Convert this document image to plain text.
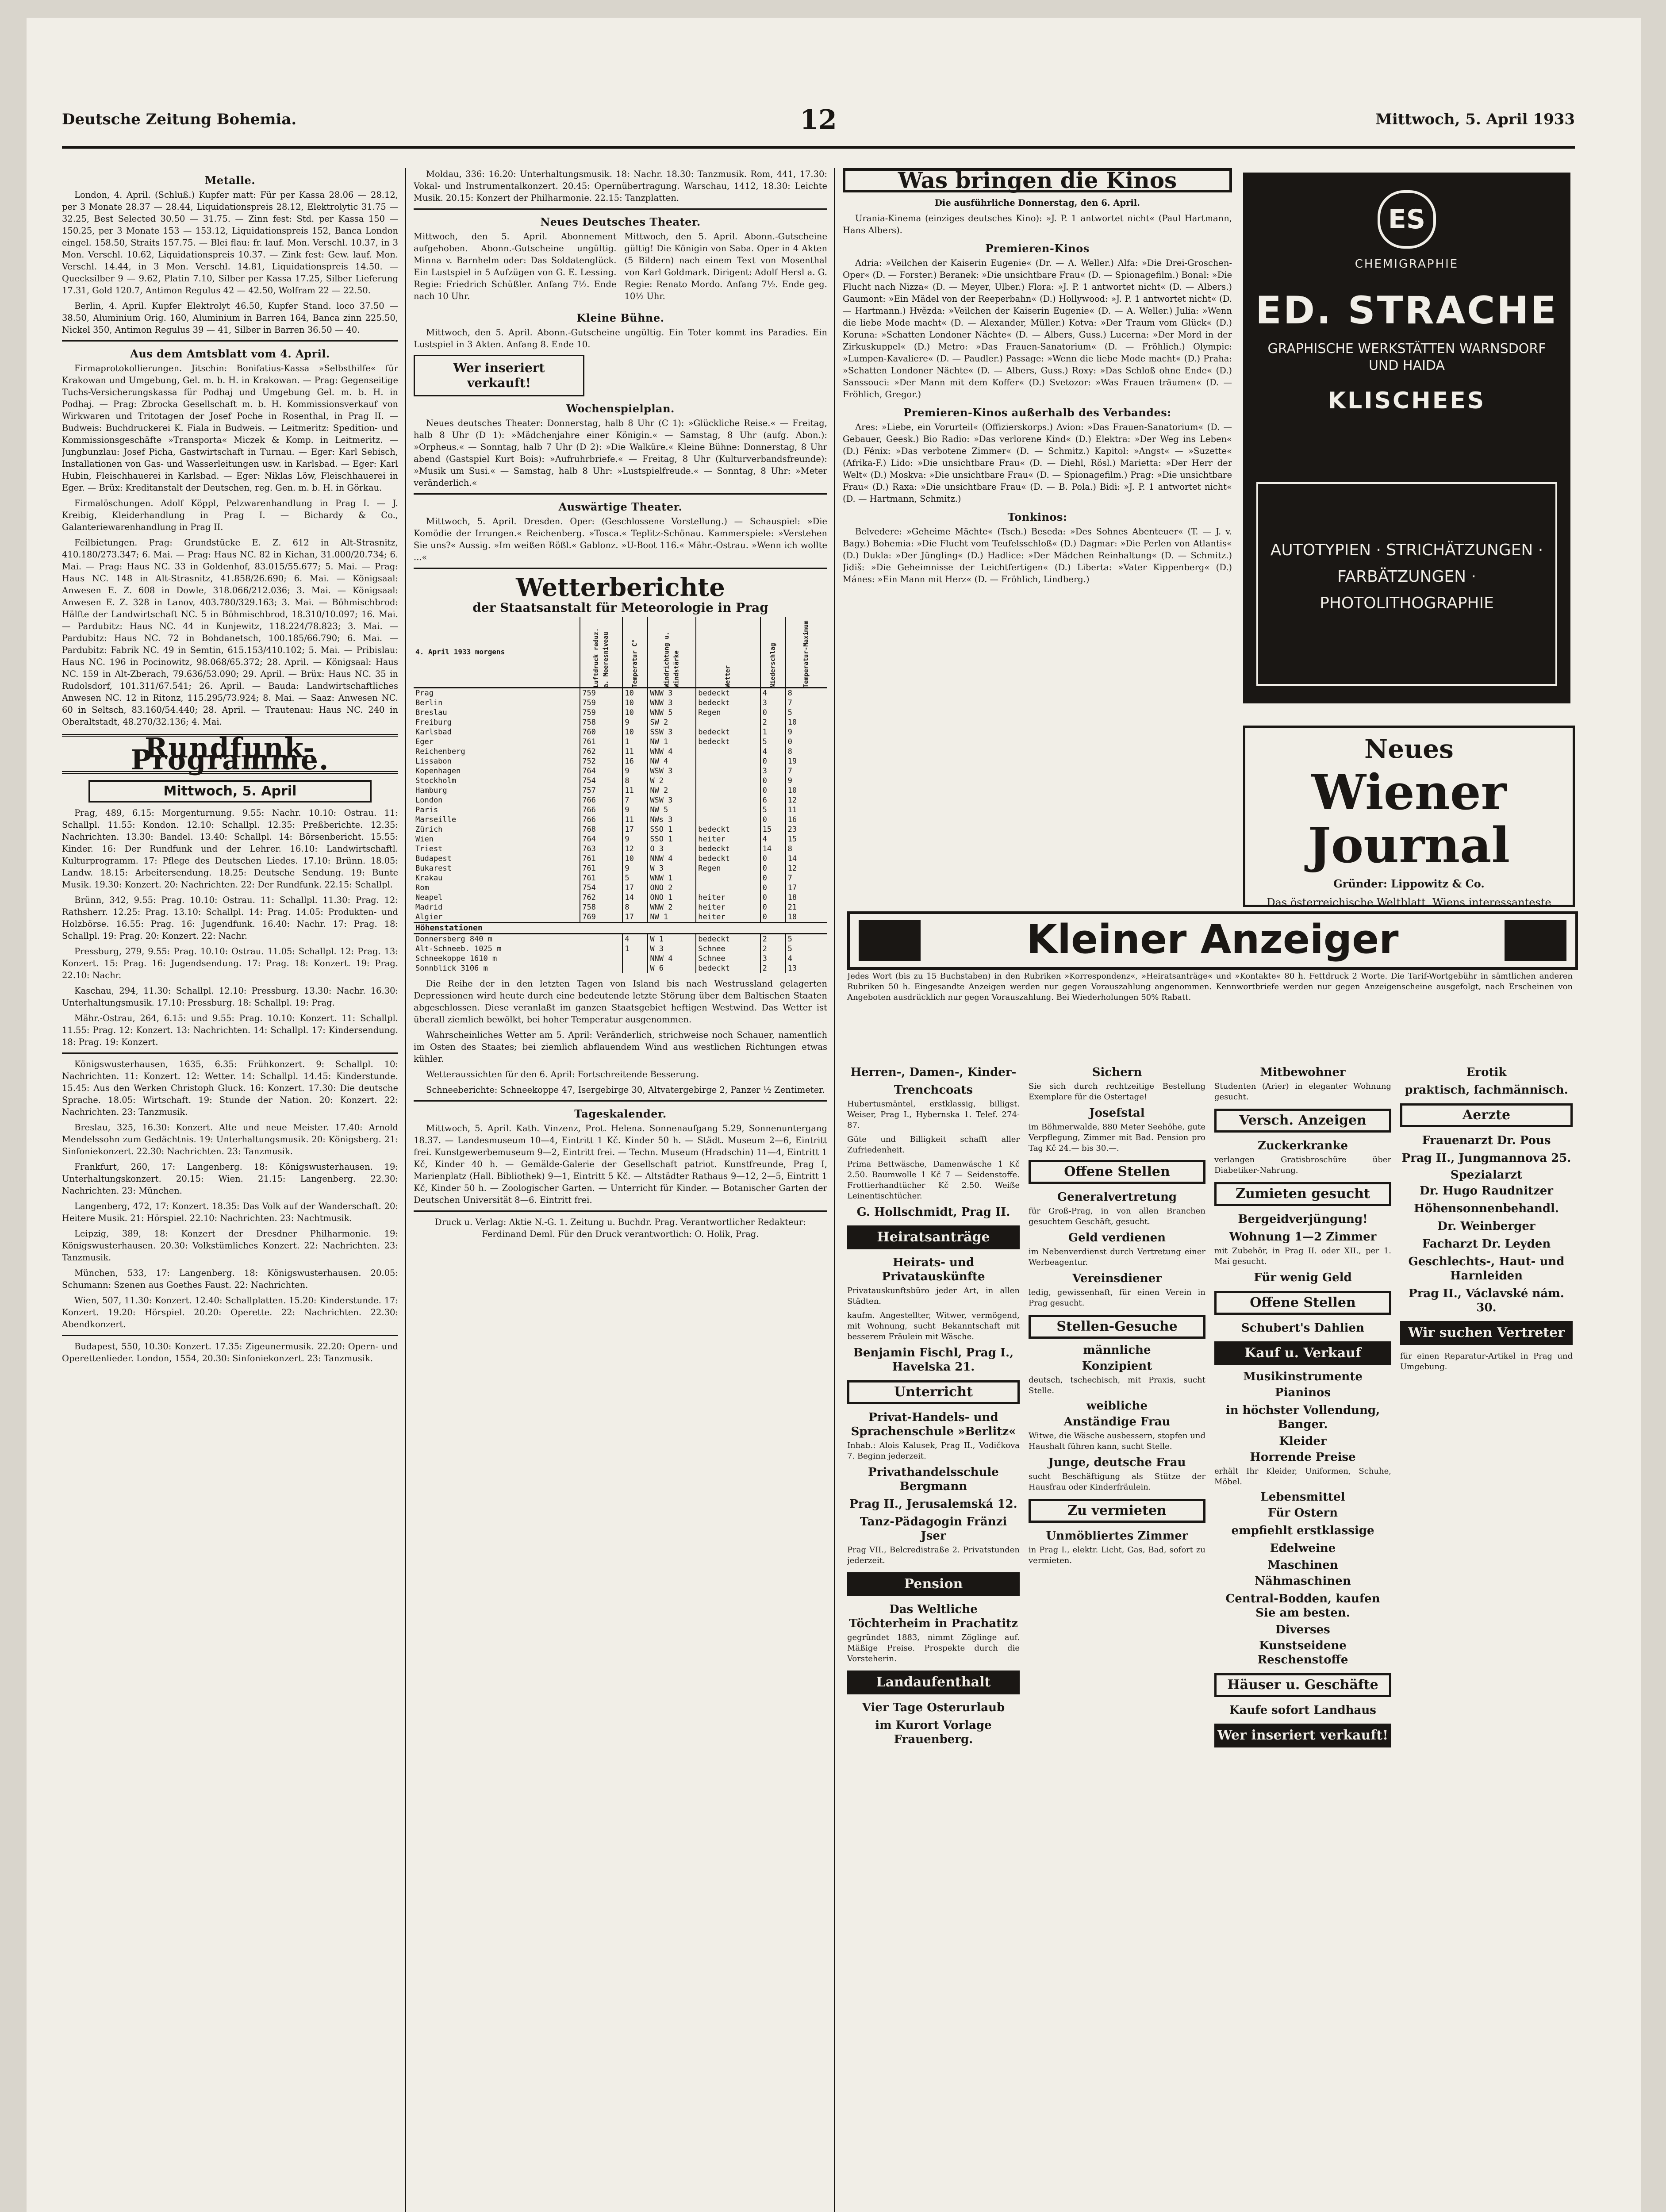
Deutsche Zeitung Bohemia.	12	Mittwoch, 5. April 1933
Metalle.

London, 4. April. (Schluß.) Kupfer matt: Für per Kassa 28.06 — 28.12, per 3 Monate 28.37 — 28.44, Liquidationspreis 28.12, Elektrolytic 31.75 — 32.25, Best Selected 30.50 — 31.75. — Zinn fest: Std. per Kassa 150 — 150.25, per 3 Monate 153 — 153.12, Liquidationspreis 152, Banca London eingel. 158.50, Straits 157.75. — Blei flau: fr. lauf. Mon. Verschl. 10.37, in 3 Mon. Verschl. 10.62, Liquidationspreis 10.37. — Zink fest: Gew. lauf. Mon. Verschl. 14.44, in 3 Mon. Verschl. 14.81, Liquidationspreis 14.50. — Quecksilber 9 — 9.62, Platin 7.10, Silber per Kassa 17.25, Silber Lieferung 17.31, Gold 120.7, Antimon Regulus 42 — 42.50, Wolfram 22 — 22.50.

Berlin, 4. April. Kupfer Elektrolyt 46.50, Kupfer Stand. loco 37.50 — 38.50, Aluminium Orig. 160, Aluminium in Barren 164, Banca zinn 225.50, Nickel 350, Antimon Regulus 39 — 41, Silber in Barren 36.50 — 40.

Aus dem Amtsblatt vom 4. April.

Firmaprotokollierungen. Jitschin: Bonifatius-Kassa »Selbsthilfe« für Krakowan und Umgebung, Gel. m. b. H. in Krakowan. — Prag: Gegenseitige Tuchs-Versicherungskassa für Podhaj und Umgebung Gel. m. b. H. in Podhaj. — Prag: Zbrocka Gesellschaft m. b. H. Kommissionsverkauf von Wirkwaren und Tritotagen der Josef Poche in Rosenthal, in Prag II. — Budweis: Buchdruckerei K. Fiala in Budweis. — Leitmeritz: Spedition- und Kommissionsgeschäfte »Transporta« Miczek & Komp. in Leitmeritz. — Jungbunzlau: Josef Picha, Gastwirtschaft in Turnau. — Eger: Karl Sebisch, Installationen von Gas- und Wasserleitungen usw. in Karlsbad. — Eger: Karl Hubin, Fleischhauerei in Karlsbad. — Eger: Niklas Löw, Fleischhauerei in Eger. — Brüx: Kreditanstalt der Deutschen, reg. Gen. m. b. H. in Görkau.

Firmalöschungen. Adolf Köppl, Pelzwarenhandlung in Prag I. — J. Kreibig, Kleiderhandlung in Prag I. — Bichardy & Co., Galanteriewarenhandlung in Prag II.

Feilbietungen. Prag: Grundstücke E. Z. 612 in Alt-Strasnitz, 410.180/273.347; 6. Mai. — Prag: Haus NC. 82 in Kichan, 31.000/20.734; 6. Mai. — Prag: Haus NC. 33 in Goldenhof, 83.015/55.677; 5. Mai. — Prag: Haus NC. 148 in Alt-Strasnitz, 41.858/26.690; 6. Mai. — Königsaal: Anwesen E. Z. 608 in Dowle, 318.066/212.036; 3. Mai. — Königsaal: Anwesen E. Z. 328 in Lanov, 403.780/329.163; 3. Mai. — Böhmischbrod: Hälfte der Landwirtschaft NC. 5 in Böhmischbrod, 18.310/10.097; 16. Mai. — Pardubitz: Haus NC. 44 in Kunjewitz, 118.224/78.823; 3. Mai. — Pardubitz: Haus NC. 72 in Bohdanetsch, 100.185/66.790; 6. Mai. — Pardubitz: Fabrik NC. 49 in Semtin, 615.153/410.102; 5. Mai. — Pribislau: Haus NC. 196 in Pocinowitz, 98.068/65.372; 28. April. — Königsaal: Haus NC. 159 in Alt-Zberach, 79.636/53.090; 29. April. — Brüx: Haus NC. 35 in Rudolsdorf, 101.311/67.541; 26. April. — Bauda: Landwirtschaftliches Anwesen NC. 12 in Ritonz, 115.295/73.924; 8. Mai. — Saaz: Anwesen NC. 60 in Seltsch, 83.160/54.440; 28. April. — Trautenau: Haus NC. 240 in Oberaltstadt, 48.270/32.136; 4. Mai.

Rundfunk-Programme.
Mittwoch, 5. April

Prag, 489, 6.15: Morgenturnung. 9.55: Nachr. 10.10: Ostrau. 11: Schallpl. 11.55: Kondon. 12.10: Schallpl. 12.35: Preßberichte. 12.35: Nachrichten. 13.30: Bandel. 13.40: Schallpl. 14: Börsenbericht. 15.55: Kinder. 16: Der Rundfunk und der Lehrer. 16.10: Landwirtschaftl. Kulturprogramm. 17: Pflege des Deutschen Liedes. 17.10: Brünn. 18.05: Landw. 18.15: Arbeitersendung. 18.25: Deutsche Sendung. 19: Bunte Musik. 19.30: Konzert. 20: Nachrichten. 22: Der Rundfunk. 22.15: Schallpl.

Brünn, 342, 9.55: Prag. 10.10: Ostrau. 11: Schallpl. 11.30: Prag. 12: Rathsherr. 12.25: Prag. 13.10: Schallpl. 14: Prag. 14.05: Produkten- und Holzbörse. 16.55: Prag. 16: Jugendfunk. 16.40: Nachr. 17: Prag. 18: Schallpl. 19: Prag. 20: Konzert. 22: Nachr.

Pressburg, 279, 9.55: Prag. 10.10: Ostrau. 11.05: Schallpl. 12: Prag. 13: Konzert. 15: Prag. 16: Jugendsendung. 17: Prag. 18: Konzert. 19: Prag. 22.10: Nachr.

Kaschau, 294, 11.30: Schallpl. 12.10: Pressburg. 13.30: Nachr. 16.30: Unterhaltungsmusik. 17.10: Pressburg. 18: Schallpl. 19: Prag.

Mähr.-Ostrau, 264, 6.15: und 9.55: Prag. 10.10: Konzert. 11: Schallpl. 11.55: Prag. 12: Konzert. 13: Nachrichten. 14: Schallpl. 17: Kindersendung. 18: Prag. 19: Konzert.

Königswusterhausen, 1635, 6.35: Frühkonzert. 9: Schallpl. 10: Nachrichten. 11: Konzert. 12: Wetter. 14: Schallpl. 14.45: Kinderstunde. 15.45: Aus den Werken Christoph Gluck. 16: Konzert. 17.30: Die deutsche Sprache. 18.05: Wirtschaft. 19: Stunde der Nation. 20: Konzert. 22: Nachrichten. 23: Tanzmusik.

Breslau, 325, 16.30: Konzert. Alte und neue Meister. 17.40: Arnold Mendelssohn zum Gedächtnis. 19: Unterhaltungsmusik. 20: Königsberg. 21: Sinfoniekonzert. 22.30: Nachrichten. 23: Tanzmusik.

Frankfurt, 260, 17: Langenberg. 18: Königswusterhausen. 19: Unterhaltungskonzert. 20.15: Wien. 21.15: Langenberg. 22.30: Nachrichten. 23: München.

Langenberg, 472, 17: Konzert. 18.35: Das Volk auf der Wanderschaft. 20: Heitere Musik. 21: Hörspiel. 22.10: Nachrichten. 23: Nachtmusik.

Leipzig, 389, 18: Konzert der Dresdner Philharmonie. 19: Königswusterhausen. 20.30: Volkstümliches Konzert. 22: Nachrichten. 23: Tanzmusik.

München, 533, 17: Langenberg. 18: Königswusterhausen. 20.05: Schumann: Szenen aus Goethes Faust. 22: Nachrichten.

Wien, 507, 11.30: Konzert. 12.40: Schallplatten. 15.20: Kinderstunde. 17: Konzert. 19.20: Hörspiel. 20.20: Operette. 22: Nachrichten. 22.30: Abendkonzert.

Budapest, 550, 10.30: Konzert. 17.35: Zigeunermusik. 22.20: Opern- und Operettenlieder. London, 1554, 20.30: Sinfoniekonzert. 23: Tanzmusik.

Moldau, 336: 16.20: Unterhaltungsmusik. 18: Nachr. 18.30: Tanzmusik. Rom, 441, 17.30: Vokal- und Instrumentalkonzert. 20.45: Opernübertragung. Warschau, 1412, 18.30: Leichte Musik. 20.15: Konzert der Philharmonie. 22.15: Tanzplatten.

Neues Deutsches Theater.

Mittwoch, den 5. April. Abonnement aufgehoben. Abonn.-Gutscheine ungültig. Minna v. Barnhelm oder: Das Soldatenglück. Ein Lustspiel in 5 Aufzügen von G. E. Lessing. Regie: Friedrich Schüßler. Anfang 7½. Ende nach 10 Uhr.

Mittwoch, den 5. April. Abonn.-Gutscheine gültig! Die Königin von Saba. Oper in 4 Akten (5 Bildern) nach einem Text von Mosenthal von Karl Goldmark. Dirigent: Adolf Hersl a. G. Regie: Renato Mordo. Anfang 7½. Ende geg. 10½ Uhr.

Kleine Bühne.

Mittwoch, den 5. April. Abonn.-Gutscheine ungültig. Ein Toter kommt ins Paradies. Ein Lustspiel in 3 Akten. Anfang 8. Ende 10.

Wer inseriert verkauft!
Wochenspielplan.

Neues deutsches Theater: Donnerstag, halb 8 Uhr (C 1): »Glückliche Reise.« — Freitag, halb 8 Uhr (D 1): »Mädchenjahre einer Königin.« — Samstag, 8 Uhr (aufg. Abon.): »Orpheus.« — Sonntag, halb 7 Uhr (D 2): »Die Walküre.« Kleine Bühne: Donnerstag, 8 Uhr abend (Gastspiel Kurt Bois): »Aufruhrbriefe.« — Freitag, 8 Uhr (Kulturverbandsfreunde): »Musik um Susi.« — Samstag, halb 8 Uhr: »Lustspielfreude.« — Sonntag, 8 Uhr: »Meter veränderlich.«

Auswärtige Theater.

Mittwoch, 5. April. Dresden. Oper: (Geschlossene Vorstellung.) — Schauspiel: »Die Komödie der Irrungen.« Reichenberg. »Tosca.« Teplitz-Schönau. Kammerspiele: »Verstehen Sie uns?« Aussig. »Im weißen Rößl.« Gablonz. »U-Boot 116.« Mähr.-Ostrau. »Wenn ich wollte ...«

Wetterberichte
der Staatsanstalt für Meteorologie in Prag
4. April 1933 morgens	Luftdruck reduz. a. Meeresniveau	Temperatur C°	Windrichtung u. Windstärke	Wetter	Niederschlag	Temperatur-Maximum
Prag	759	10	WNW 3	bedeckt	4	8
Berlin	759	10	WNW 3	bedeckt	3	7
Breslau	759	10	WNW 5	Regen	0	5
Freiburg	758	9	SW 2		2	10
Karlsbad	760	10	SSW 3	bedeckt	1	9
Eger	761	1	NW 1	bedeckt	5	0
Reichenberg	762	11	WNW 4		4	8
Lissabon	752	16	NW 4		0	19
Kopenhagen	764	9	WSW 3		3	7
Stockholm	754	8	W 2		0	9
Hamburg	757	11	NW 2		0	10
London	766	7	WSW 3		6	12
Paris	766	9	NW 5		5	11
Marseille	766	11	NWs 3		0	16
Zürich	768	17	SSO 1	bedeckt	15	23
Wien	764	9	SSO 1	heiter	4	15
Triest	763	12	O 3	bedeckt	14	8
Budapest	761	10	NNW 4	bedeckt	0	14
Bukarest	761	9	W 3	Regen	0	12
Krakau	761	5	WNW 1		0	7
Rom	754	17	ONO 2		0	17
Neapel	762	14	ONO 1	heiter	0	18
Madrid	758	8	WNW 2	heiter	0	21
Algier	769	17	NW 1	heiter	0	18
Höhenstationen						
Donnersberg 840 m		4	W 1	bedeckt	2	5
Alt-Schneeb. 1025 m		1	W 3	Schnee	2	5
Schneekoppe 1610 m			NNW 4	Schnee	3	4
Sonnblick 3106 m			W 6	bedeckt	2	13

Die Reihe der in den letzten Tagen von Island bis nach Westrussland gelagerten Depressionen wird heute durch eine bedeutende letzte Störung über dem Baltischen Staaten abgeschlossen. Diese veranlaßt im ganzen Staatsgebiet heftigen Westwind. Das Wetter ist überall ziemlich bewölkt, bei hoher Temperatur ausgenommen.

Wahrscheinliches Wetter am 5. April: Veränderlich, strichweise noch Schauer, namentlich im Osten des Staates; bei ziemlich abflauendem Wind aus westlichen Richtungen etwas kühler.

Wetteraussichten für den 6. April: Fortschreitende Besserung.

Schneeberichte: Schneekoppe 47, Isergebirge 30, Altvatergebirge 2, Panzer ½ Zentimeter.

Tageskalender.

Mittwoch, 5. April. Kath. Vinzenz, Prot. Helena. Sonnenaufgang 5.29, Sonnenuntergang 18.37. — Landesmuseum 10—4, Eintritt 1 Kč. Kinder 50 h. — Städt. Museum 2—6, Eintritt frei. Kunstgewerbemuseum 9—2, Eintritt frei. — Techn. Museum (Hradschin) 11—4, Eintritt 1 Kč, Kinder 40 h. — Gemälde-Galerie der Gesellschaft patriot. Kunstfreunde, Prag I, Marienplatz (Hall. Bibliothek) 9—1, Eintritt 5 Kč. — Altstädter Rathaus 9—12, 2—5, Eintritt 1 Kč, Kinder 50 h. — Zoologischer Garten. — Unterricht für Kinder. — Botanischer Garten der Deutschen Universität 8—6. Eintritt frei.

Druck u. Verlag: Aktie N.-G. 1. Zeitung u. Buchdr. Prag. Verantwortlicher Redakteur: Ferdinand Deml. Für den Druck verantwortlich: O. Holik, Prag.

Was bringen die Kinos

Die ausführliche Donnerstag, den 6. April.

Urania-Kinema (einziges deutsches Kino): »J. P. 1 antwortet nicht« (Paul Hartmann, Hans Albers).

Premieren-Kinos

Adria: »Veilchen der Kaiserin Eugenie« (Dr. — A. Weller.) Alfa: »Die Drei-Groschen-Oper« (D. — Forster.) Beranek: »Die unsichtbare Frau« (D. — Spionagefilm.) Bonal: »Die Flucht nach Nizza« (D. — Meyer, Ulber.) Flora: »J. P. 1 antwortet nicht« (D. — Albers.) Gaumont: »Ein Mädel von der Reeperbahn« (D.) Hollywood: »J. P. 1 antwortet nicht« (D. — Hartmann.) Hvězda: »Veilchen der Kaiserin Eugenie« (D. — A. Weller.) Julia: »Wenn die liebe Mode macht« (D. — Alexander, Müller.) Kotva: »Der Traum vom Glück« (D.) Koruna: »Schatten Londoner Nächte« (D. — Albers, Guss.) Lucerna: »Der Mord in der Zirkuskuppel« (D.) Metro: »Das Frauen-Sanatorium« (D. — Fröhlich.) Olympic: »Lumpen-Kavaliere« (D. — Paudler.) Passage: »Wenn die liebe Mode macht« (D.) Praha: »Schatten Londoner Nächte« (D. — Albers, Guss.) Roxy: »Das Schloß ohne Ende« (D.) Sanssouci: »Der Mann mit dem Koffer« (D.) Svetozor: »Was Frauen träumen« (D. — Fröhlich, Gregor.)

Premieren-Kinos außerhalb des Verbandes:

Ares: »Liebe, ein Vorurteil« (Offizierskorps.) Avion: »Das Frauen-Sanatorium« (D. — Gebauer, Geesk.) Bio Radio: »Das verlorene Kind« (D.) Elektra: »Der Weg ins Leben« (D.) Fénix: »Das verbotene Zimmer« (D. — Schmitz.) Kapitol: »Angst« — »Suzette« (Afrika-F.) Lido: »Die unsichtbare Frau« (D. — Diehl, Rösl.) Marietta: »Der Herr der Welt« (D.) Moskva: »Die unsichtbare Frau« (D. — Spionagefilm.) Prag: »Die unsichtbare Frau« (D.) Raxa: »Die unsichtbare Frau« (D. — B. Pola.) Bidi: »J. P. 1 antwortet nicht« (D. — Hartmann, Schmitz.)

Tonkinos:

Belvedere: »Geheime Mächte« (Tsch.) Beseda: »Des Sohnes Abenteuer« (T. — J. v. Bagy.) Bohemia: »Die Flucht vom Teufelsschloß« (D.) Dagmar: »Die Perlen von Atlantis« (D.) Dukla: »Der Jüngling« (D.) Hadlice: »Der Mädchen Reinhaltung« (D. — Schmitz.) Jidiš: »Die Geheimnisse der Leichtfertigen« (D.) Liberta: »Vater Kippenberg« (D.) Mánes: »Ein Mann mit Herz« (D. — Fröhlich, Lindberg.)

ES
CHEMIGRAPHIE
ED. STRACHE
GRAPHISCHE WERKSTÄTTEN WARNSDORF UND HAIDA
KLISCHEES
AUTOTYPIEN · STRICHÄTZUNGEN · FARBÄTZUNGEN · PHOTOLITHOGRAPHIE
Neues
Wiener Journal
Gründer: Lippowitz & Co.
Das österreichische Weltblatt. Wiens interessanteste
Kleiner Anzeiger

Jedes Wort (bis zu 15 Buchstaben) in den Rubriken »Korrespondenz«, »Heiratsanträge« und »Kontakte« 80 h. Fettdruck 2 Worte. Die Tarif-Wortgebühr in sämtlichen anderen Rubriken 50 h. Eingesandte Anzeigen werden nur gegen Vorauszahlung angenommen. Kennwortbriefe werden nur gegen Anzeigenscheine ausgefolgt, nach Erscheinen von Angeboten ausdrücklich nur gegen Vorauszahlung. Bei Wiederholungen 50% Rabatt.

Herren-, Damen-, Kinder-
Trenchcoats
Hubertusmäntel, erstklassig, billigst. Weiser, Prag I., Hybernska 1. Telef. 274-87.
Güte und Billigkeit schafft aller Zufriedenheit.
Prima Bettwäsche, Damenwäsche 1 Kč 2.50. Baumwolle 1 Kč 7 — Seidenstoffe. Frottierhandtücher Kč 2.50. Weiße Leinentischtücher.
G. Hollschmidt, Prag II.
Heiratsanträge
Heirats- und Privatauskünfte
Privatauskunftsbüro jeder Art, in allen Städten.
kaufm. Angestellter, Witwer, vermögend, mit Wohnung, sucht Bekanntschaft mit besserem Fräulein mit Wäsche.
Benjamin Fischl, Prag I., Havelska 21.
Unterricht
Privat-Handels- und Sprachenschule »Berlitz«
Inhab.: Alois Kalusek, Prag II., Vodičkova 7. Beginn jederzeit.
Privathandelsschule Bergmann
Prag II., Jerusalemská 12.
Tanz-Pädagogin Fränzi Jser
Prag VII., Belcredistraße 2. Privatstunden jederzeit.
Pension
Das Weltliche Töchterheim in Prachatitz
gegründet 1883, nimmt Zöglinge auf. Mäßige Preise. Prospekte durch die Vorsteherin.
Landaufenthalt
Vier Tage Osterurlaub
im Kurort Vorlage Frauenberg.
Sichern
Sie sich durch rechtzeitige Bestellung Exemplare für die Ostertage!
Josefstal
im Böhmerwalde, 880 Meter Seehöhe, gute Verpflegung, Zimmer mit Bad. Pension pro Tag Kč 24.— bis 30.—.
Offene Stellen
Generalvertretung
für Groß-Prag, in von allen Branchen gesuchtem Geschäft, gesucht.
Geld verdienen
im Nebenverdienst durch Vertretung einer Werbeagentur.
Vereinsdiener
ledig, gewissenhaft, für einen Verein in Prag gesucht.
Stellen-Gesuche
männliche
Konzipient
deutsch, tschechisch, mit Praxis, sucht Stelle.
weibliche
Anständige Frau
Witwe, die Wäsche ausbessern, stopfen und Haushalt führen kann, sucht Stelle.
Junge, deutsche Frau
sucht Beschäftigung als Stütze der Hausfrau oder Kinderfräulein.
Zu vermieten
Unmöbliertes Zimmer
in Prag I., elektr. Licht, Gas, Bad, sofort zu vermieten.
Mitbewohner
Studenten (Arier) in eleganter Wohnung gesucht.
Versch. Anzeigen
Zuckerkranke
verlangen Gratisbroschüre über Diabetiker-Nahrung.
Zumieten gesucht
Bergeidverjüngung!
Wohnung 1—2 Zimmer
mit Zubehör, in Prag II. oder XII., per 1. Mai gesucht.
Für wenig Geld
Offene Stellen
Schubert's Dahlien
Kauf u. Verkauf
Musikinstrumente
Pianinos
in höchster Vollendung, Banger.
Kleider
Horrende Preise
erhält Ihr Kleider, Uniformen, Schuhe, Möbel.
Lebensmittel
Für Ostern
empfiehlt erstklassige
Edelweine
Maschinen
Nähmaschinen
Central-Bodden, kaufen Sie am besten.
Diverses
Kunstseidene Reschenstoffe
Häuser u. Geschäfte
Kaufe sofort Landhaus
Wer inseriert verkauft!
Erotik
praktisch, fachmännisch.
Aerzte
Frauenarzt Dr. Pous
Prag II., Jungmannova 25.
Spezialarzt
Dr. Hugo Raudnitzer
Höhensonnenbehandl.
Dr. Weinberger
Facharzt Dr. Leyden
Geschlechts-, Haut- und Harnleiden
Prag II., Václavské nám. 30.
Wir suchen Vertreter
für einen Reparatur-Artikel in Prag und Umgebung.
